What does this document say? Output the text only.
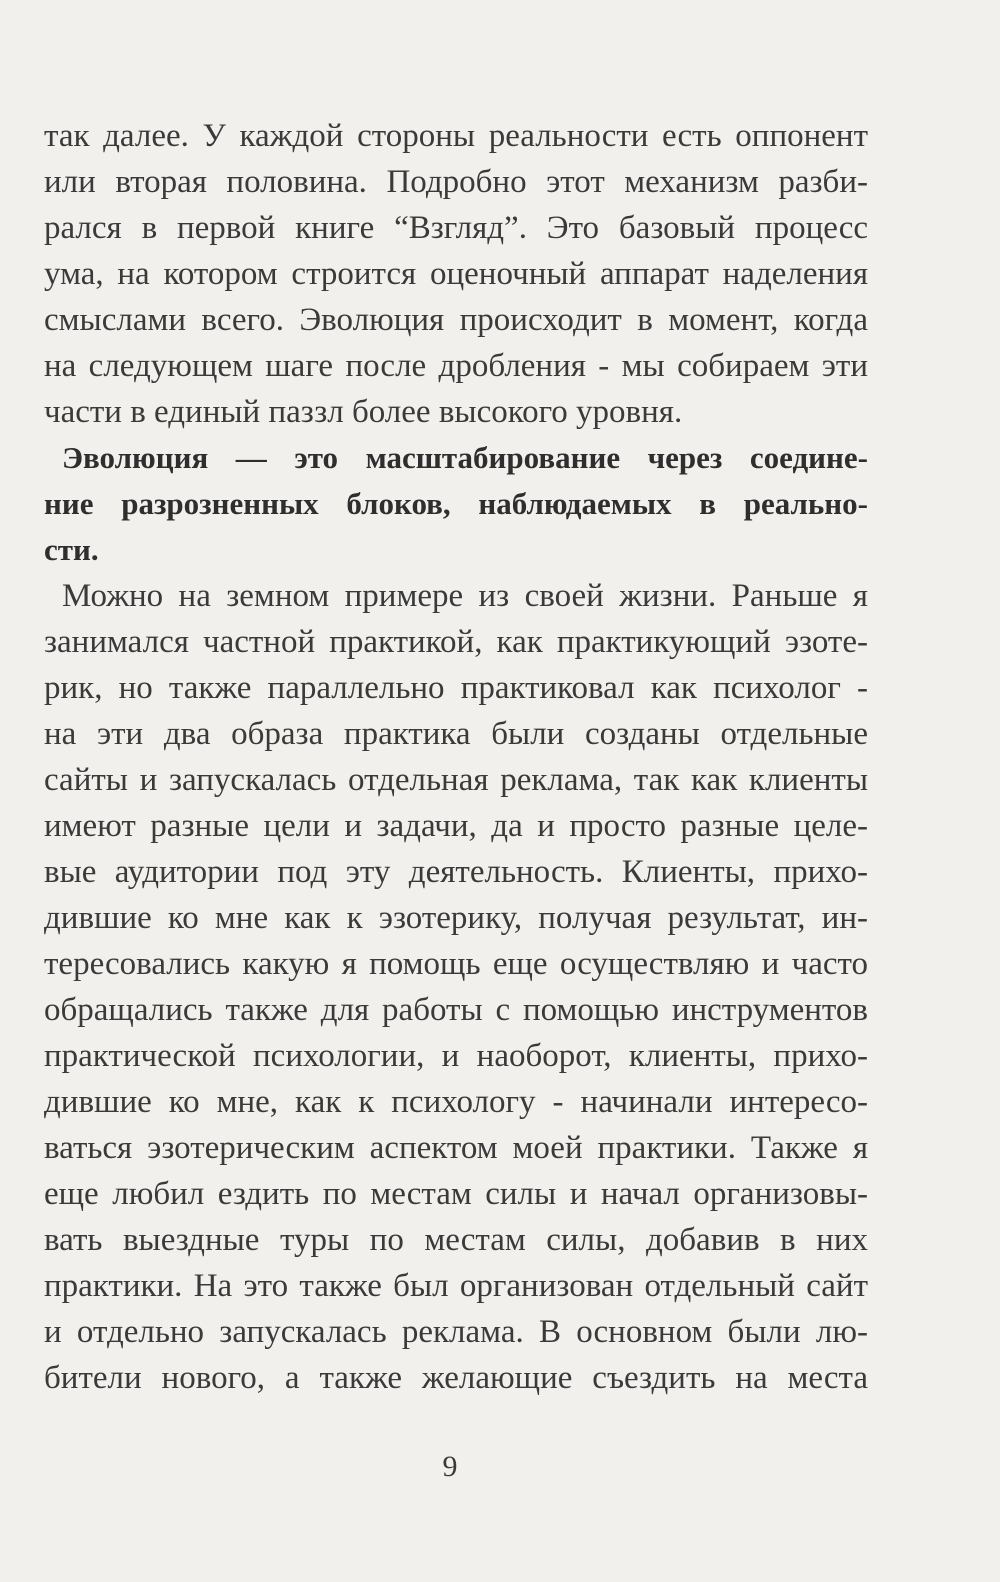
так далее. У каждой стороны реальности есть оппонент
или вторая половина. Подробно этот механизм разби-
рался в первой книге “Взгляд”. Это базовый процесс
ума, на котором строится оценочный аппарат наделения
смыслами всего. Эволюция происходит в момент, когда
на следующем шаге после дробления - мы собираем эти
части в единый паззл более высокого уровня.
Эволюция — это масштабирование через соедине-
ние разрозненных блоков, наблюдаемых в реально-
сти.
Можно на земном примере из своей жизни. Раньше я
занимался частной практикой, как практикующий эзоте-
рик, но также параллельно практиковал как психолог -
на эти два образа практика были созданы отдельные
сайты и запускалась отдельная реклама, так как клиенты
имеют разные цели и задачи, да и просто разные целе-
вые аудитории под эту деятельность. Клиенты, прихо-
дившие ко мне как к эзотерику, получая результат, ин-
тересовались какую я помощь еще осуществляю и часто
обращались также для работы с помощью инструментов
практической психологии, и наоборот, клиенты, прихо-
дившие ко мне, как к психологу - начинали интересо-
ваться эзотерическим аспектом моей практики. Также я
еще любил ездить по местам силы и начал организовы-
вать выездные туры по местам силы, добавив в них
практики. На это также был организован отдельный сайт
и отдельно запускалась реклама. В основном были лю-
бители нового, а также желающие съездить на места
9
